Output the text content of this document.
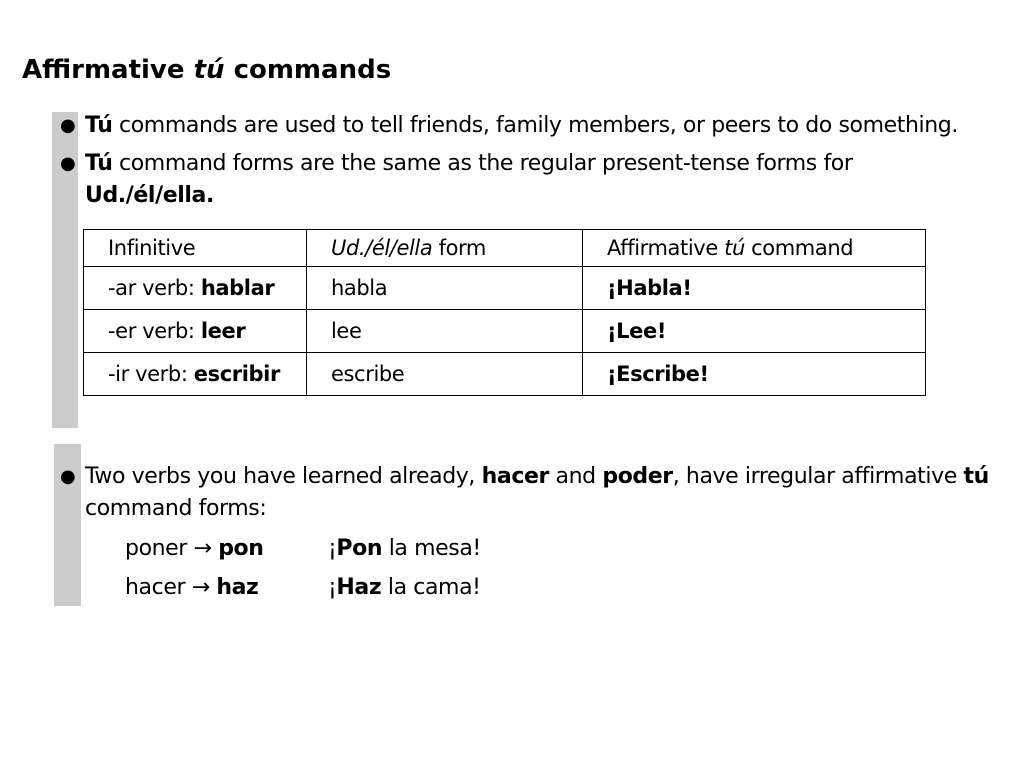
Affirmative tú commands
● Tú commands are used to tell friends, family members, or peers to do something.
● Tú command forms are the same as the regular present-tense forms for
Ud./él/ella.
Infinitive	Ud./él/ella form	Affirmative tú command
-ar verb: hablar	habla	¡Habla!
-er verb: leer	lee	¡Lee!
-ir verb: escribir	escribe	¡Escribe!
● Two verbs you have learned already, hacer and poder, have irregular affirmative tú
command forms:
poner → pon	¡Pon la mesa!
hacer → haz	¡Haz la cama!
